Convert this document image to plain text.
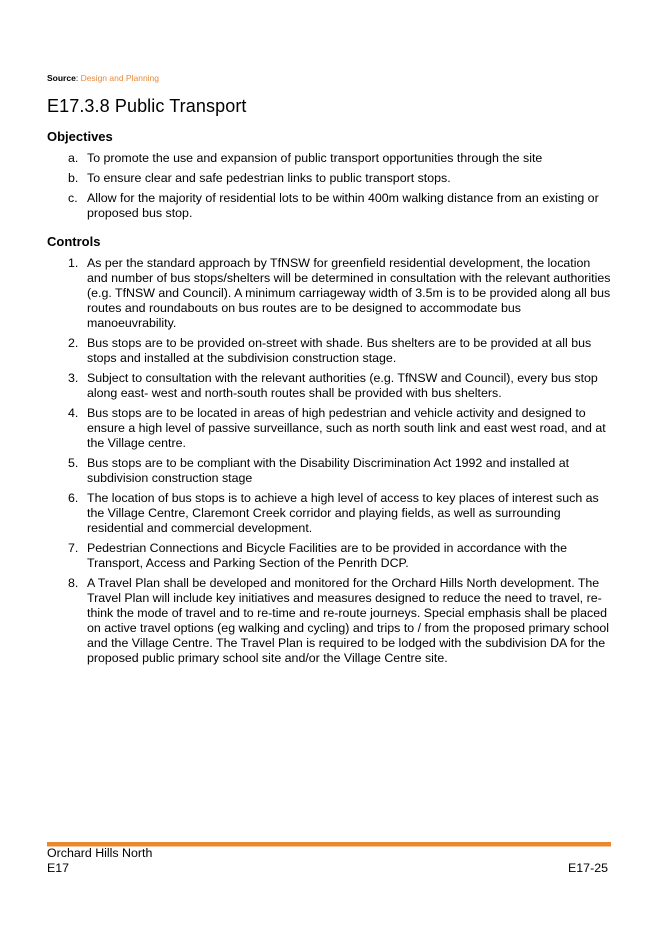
Source: Design and Planning
E17.3.8 Public Transport
Objectives
a. To promote the use and expansion of public transport opportunities through the site
b. To ensure clear and safe pedestrian links to public transport stops.
c. Allow for the majority of residential lots to be within 400m walking distance from an existing or proposed bus stop.
Controls
1. As per the standard approach by TfNSW for greenfield residential development, the location and number of bus stops/shelters will be determined in consultation with the relevant authorities (e.g. TfNSW and Council). A minimum carriageway width of 3.5m is to be provided along all bus routes and roundabouts on bus routes are to be designed to accommodate bus manoeuvrability.
2. Bus stops are to be provided on-street with shade. Bus shelters are to be provided at all bus stops and installed at the subdivision construction stage.
3. Subject to consultation with the relevant authorities (e.g. TfNSW and Council), every bus stop along east- west and north-south routes shall be provided with bus shelters.
4. Bus stops are to be located in areas of high pedestrian and vehicle activity and designed to ensure a high level of passive surveillance, such as north south link and east west road, and at the Village centre.
5. Bus stops are to be compliant with the Disability Discrimination Act 1992 and installed at subdivision construction stage
6. The location of bus stops is to achieve a high level of access to key places of interest such as the Village Centre, Claremont Creek corridor and playing fields, as well as surrounding residential and commercial development.
7. Pedestrian Connections and Bicycle Facilities are to be provided in accordance with the Transport, Access and Parking Section of the Penrith DCP.
8. A Travel Plan shall be developed and monitored for the Orchard Hills North development. The Travel Plan will include key initiatives and measures designed to reduce the need to travel, re-think the mode of travel and to re-time and re-route journeys. Special emphasis shall be placed on active travel options (eg walking and cycling) and trips to / from the proposed primary school and the Village Centre. The Travel Plan is required to be lodged with the subdivision DA for the proposed public primary school site and/or the Village Centre site.
Orchard Hills North
E17	E17-25
